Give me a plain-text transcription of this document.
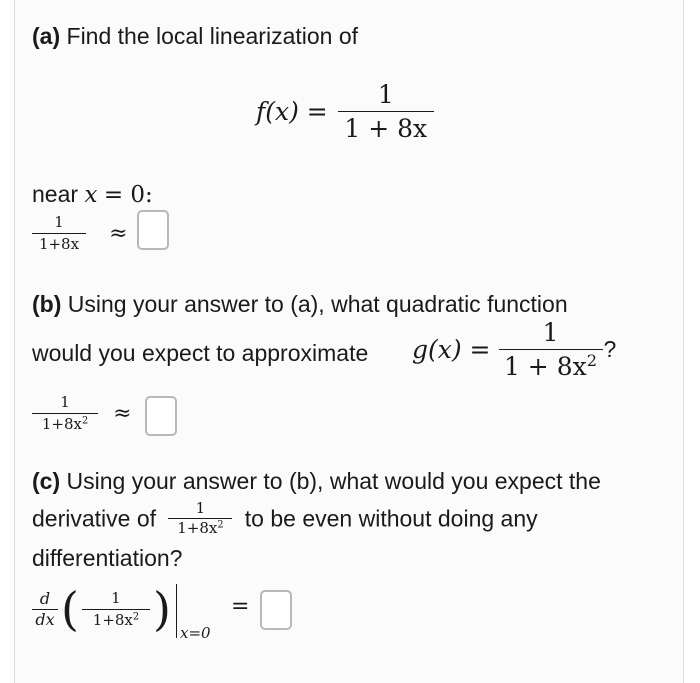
(a) Find the local linearization of
$f(x) = \frac{1}{1 + 8x}$
near x = 0:
$\frac{1}{1+8x}$ ≈
(b) Using your answer to (a), what quadratic function
would you expect to approximate $g(x) = \frac{1}{1 + 8x^2}$ ?
$\frac{1}{1+8x^2}$ ≈
(c) Using your answer to (b), what would you expect the
derivative of $\frac{1}{1+8x^2}$ to be even without doing any
differentiation?
$\frac{d}{dx}$ ( $\frac{1}{1+8x^2}$ ) x=0
=
